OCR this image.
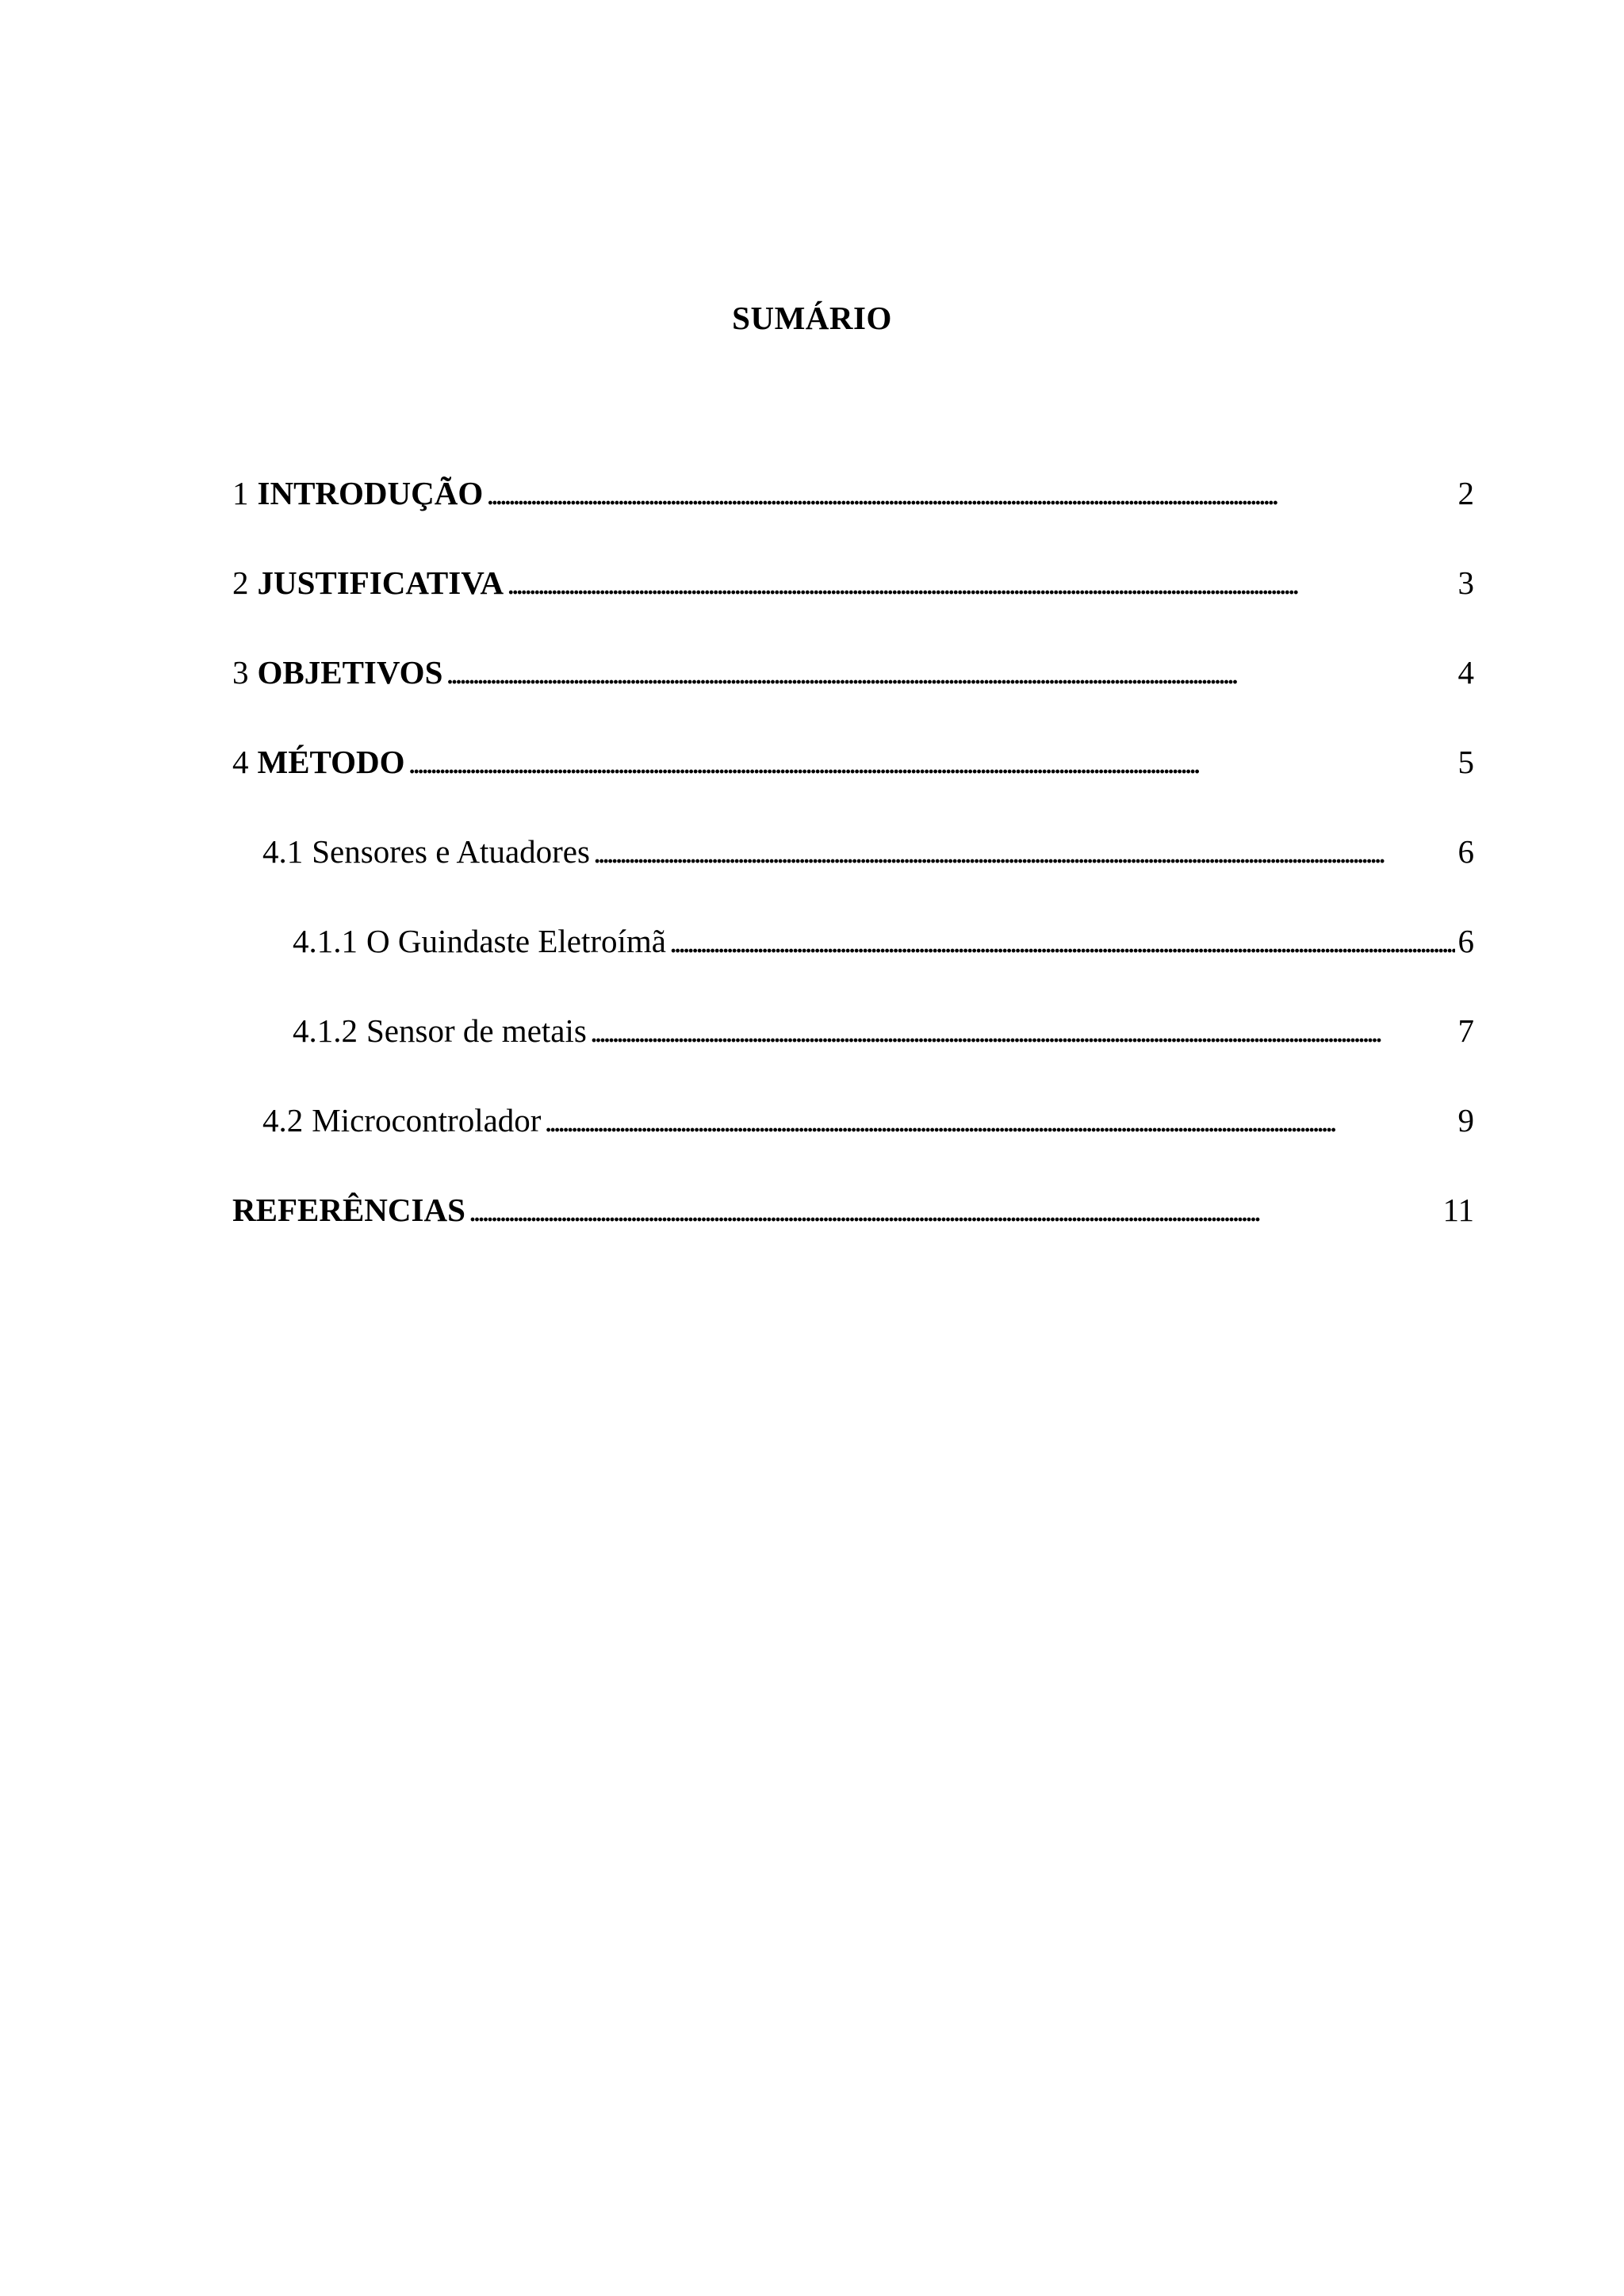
SUMÁRIO
1 INTRODUÇÃO . . .	2
2 JUSTIFICATIVA . . .	3
3 OBJETIVOS . . .	4
4 MÉTODO . . .	5
4.1 Sensores e Atuadores . . .	6
4.1.1 O Guindaste Eletroímã . . .	6
4.1.2 Sensor de metais . . .	7
4.2 Microcontrolador . . .	9
REFERÊNCIAS . . .	11
